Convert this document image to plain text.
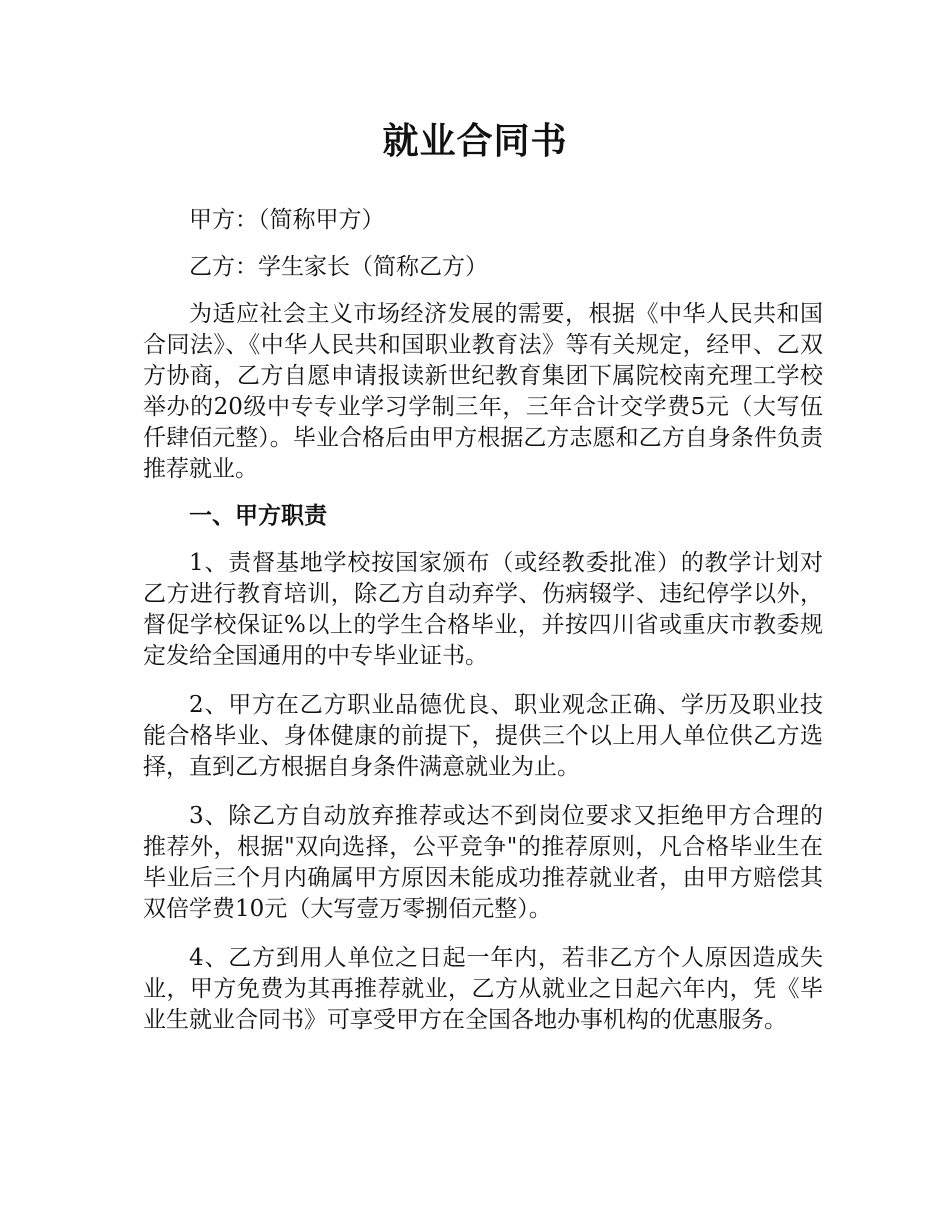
就业合同书

甲方：（简称甲方）

乙方：学生家长（简称乙方）

为适应社会主义市场经济发展的需要，根据《中华人民共和国合同法》、《中华人民共和国职业教育法》等有关规定，经甲、乙双方协商，乙方自愿申请报读新世纪教育集团下属院校南充理工学校举办的20级中专专业学习学制三年，三年合计交学费5元（大写伍仟肆佰元整）。毕业合格后由甲方根据乙方志愿和乙方自身条件负责推荐就业。

一、甲方职责

1、责督基地学校按国家颁布（或经教委批准）的教学计划对乙方进行教育培训，除乙方自动弃学、伤病辍学、违纪停学以外，督促学校保证%以上的学生合格毕业，并按四川省或重庆市教委规定发给全国通用的中专毕业证书。

2、甲方在乙方职业品德优良、职业观念正确、学历及职业技能合格毕业、身体健康的前提下，提供三个以上用人单位供乙方选择，直到乙方根据自身条件满意就业为止。

3、除乙方自动放弃推荐或达不到岗位要求又拒绝甲方合理的推荐外，根据"双向选择，公平竞争"的推荐原则，凡合格毕业生在毕业后三个月内确属甲方原因未能成功推荐就业者，由甲方赔偿其双倍学费10元（大写壹万零捌佰元整）。

4、乙方到用人单位之日起一年内，若非乙方个人原因造成失业，甲方免费为其再推荐就业，乙方从就业之日起六年内，凭《毕业生就业合同书》可享受甲方在全国各地办事机构的优惠服务。
